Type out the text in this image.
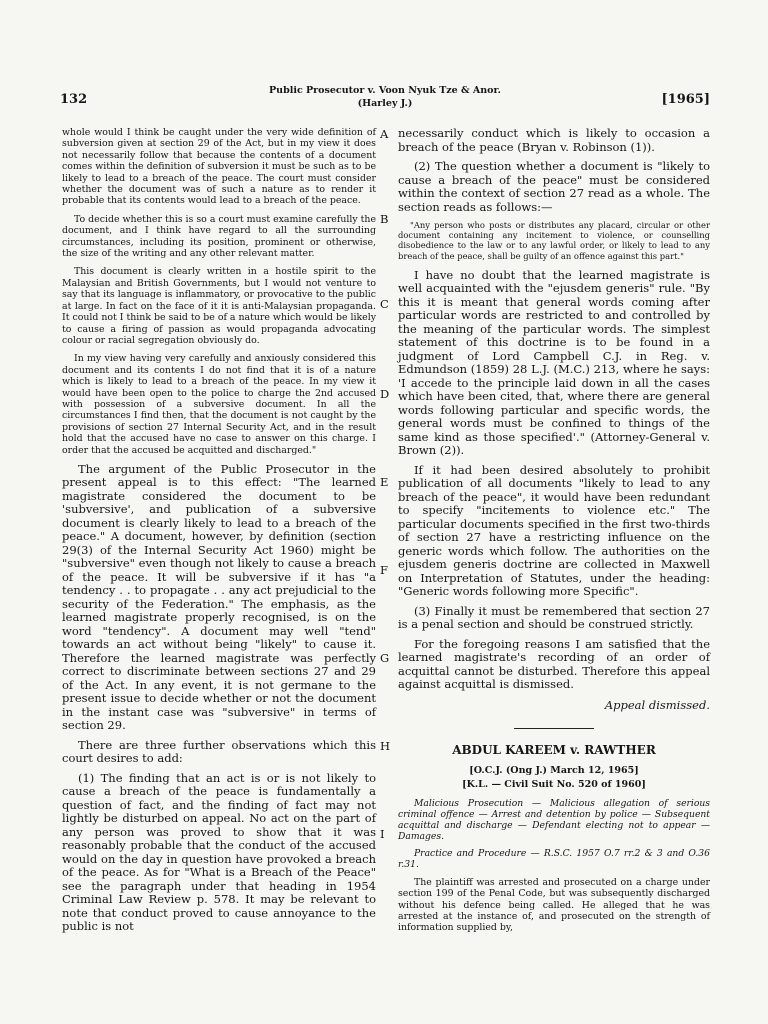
132
Public Prosecutor v. Voon Nyuk Tze & Anor.
(Harley J.)	[1965]

whole would I think be caught under the very wide definition of subversion given at section 29 of the Act, but in my view it does not necessarily follow that because the contents of a document comes within the definition of subversion it must be such as to be likely to lead to a breach of the peace. The court must consider whether the document was of such a nature as to render it probable that its contents would lead to a breach of the peace.

To decide whether this is so a court must examine carefully the document, and I think have regard to all the surrounding circumstances, including its position, prominent or otherwise, the size of the writing and any other relevant matter.

This document is clearly written in a hostile spirit to the Malaysian and British Governments, but I would not venture to say that its language is inflammatory, or provocative to the public at large. In fact on the face of it it is anti-Malaysian propaganda. It could not I think be said to be of a nature which would be likely to cause a firing of passion as would propaganda advocating colour or racial segregation obviously do.

In my view having very carefully and anxiously considered this document and its contents I do not find that it is of a nature which is likely to lead to a breach of the peace. In my view it would have been open to the police to charge the 2nd accused with possession of a subversive document. In all the circumstances I find then, that the document is not caught by the provisions of section 27 Internal Security Act, and in the result hold that the accused have no case to answer on this charge. I order that the accused be acquitted and discharged."

The argument of the Public Prosecutor in the present appeal is to this effect: "The learned magistrate considered the document to be 'subversive', and publication of a subversive document is clearly likely to lead to a breach of the peace." A document, however, by definition (section 29(3) of the Internal Security Act 1960) might be "subversive" even though not likely to cause a breach of the peace. It will be subversive if it has "a tendency . . to propagate . . any act prejudicial to the security of the Federation." The emphasis, as the learned magistrate properly recognised, is on the word "tendency". A document may well "tend" towards an act without being "likely" to cause it. Therefore the learned magistrate was perfectly correct to discriminate between sections 27 and 29 of the Act. In any event, it is not germane to the present issue to decide whether or not the document in the instant case was "subversive" in terms of section 29.

There are three further observations which this court desires to add:

(1) The finding that an act is or is not likely to cause a breach of the peace is fundamentally a question of fact, and the finding of fact may not lightly be disturbed on appeal. No act on the part of any person was proved to show that it was reasonably probable that the conduct of the accused would on the day in question have provoked a breach of the peace. As for "What is a Breach of the Peace" see the paragraph under that heading in 1954 Criminal Law Review p. 578. It may be relevant to note that conduct proved to cause annoyance to the public is not

A
B
C
D
E
F
G
H
I

necessarily conduct which is likely to occasion a breach of the peace (Bryan v. Robinson (1)).

(2) The question whether a document is "likely to cause a breach of the peace" must be considered within the context of section 27 read as a whole. The section reads as follows:—

"Any person who posts or distributes any placard, circular or other document containing any incitement to violence, or counselling disobedience to the law or to any lawful order, or likely to lead to any breach of the peace, shall be guilty of an offence against this part."

I have no doubt that the learned magistrate is well acquainted with the "ejusdem generis" rule. "By this it is meant that general words coming after particular words are restricted to and controlled by the meaning of the particular words. The simplest statement of this doctrine is to be found in a judgment of Lord Campbell C.J. in Reg. v. Edmundson (1859) 28 L.J. (M.C.) 213, where he says: 'I accede to the principle laid down in all the cases which have been cited, that, where there are general words following particular and specific words, the general words must be confined to things of the same kind as those specified'." (Attorney-General v. Brown (2)).

If it had been desired absolutely to prohibit publication of all documents "likely to lead to any breach of the peace", it would have been redundant to specify "incitements to violence etc." The particular documents specified in the first two-thirds of section 27 have a restricting influence on the generic words which follow. The authorities on the ejusdem generis doctrine are collected in Maxwell on Interpretation of Statutes, under the heading: "Generic words following more Specific".

(3) Finally it must be remembered that section 27 is a penal section and should be construed strictly.

For the foregoing reasons I am satisfied that the learned magistrate's recording of an order of acquittal cannot be disturbed. Therefore this appeal against acquittal is dismissed.

Appeal dismissed.

ABDUL KAREEM v. RAWTHER

[O.C.J. (Ong J.) March 12, 1965]

[K.L. — Civil Suit No. 520 of 1960]

Malicious Prosecution — Malicious allegation of serious criminal offence — Arrest and detention by police — Subsequent acquittal and discharge — Defendant electing not to appear — Damages.

Practice and Procedure — R.S.C. 1957 O.7 rr.2 & 3 and O.36 r.31.

The plaintiff was arrested and prosecuted on a charge under section 199 of the Penal Code, but was subsequently discharged without his defence being called. He alleged that he was arrested at the instance of, and prosecuted on the strength of information supplied by,
